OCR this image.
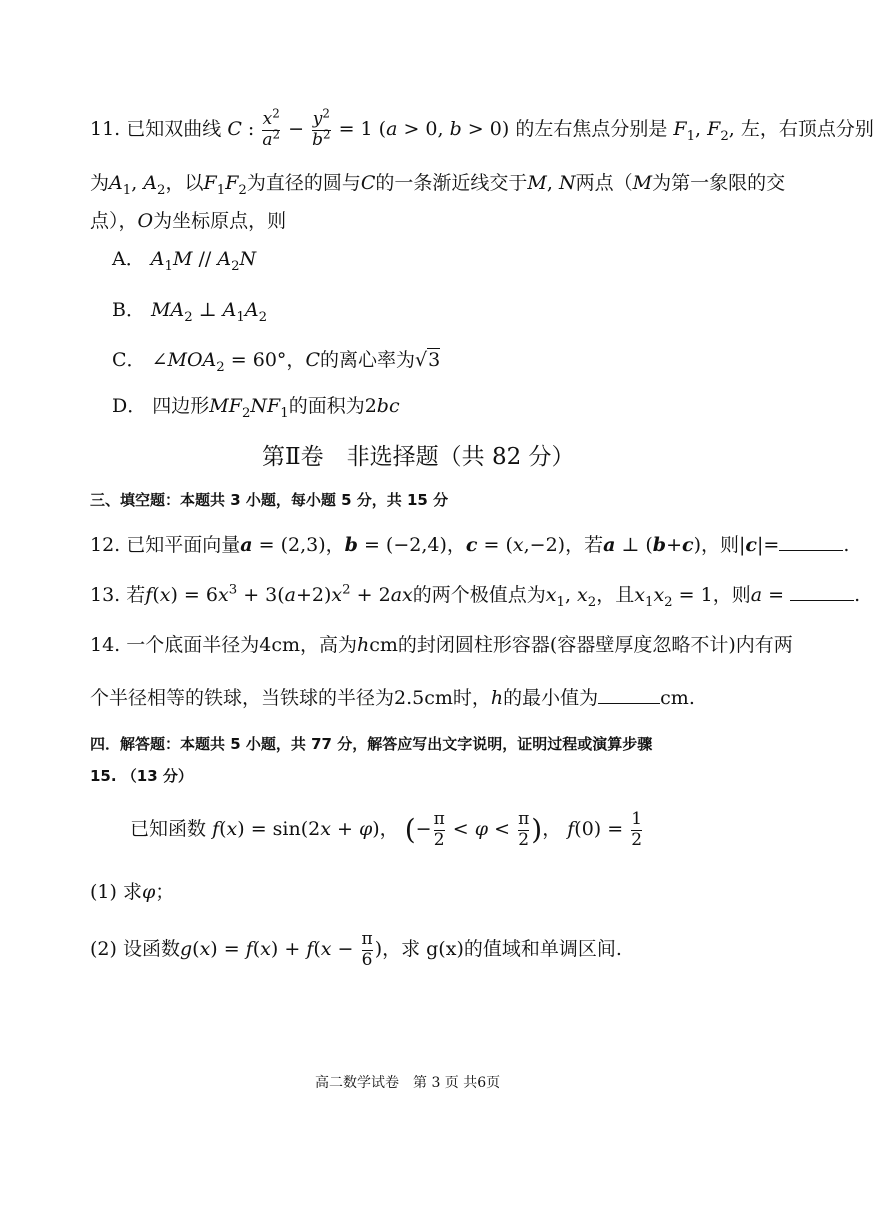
11. 已知双曲线 C : $\frac{x^2}{a^2} - \frac{y^2}{b^2} = 1$ (a > 0, b > 0) 的左右焦点分别是 $F_1$, $F_2$, 左，右顶点分别
为$A_1$, $A_2$，以$F_1F_2$为直径的圆与C的一条渐近线交于M, N两点（M为第一象限的交
点），O为坐标原点，则
A． $A_1M // A_2N$
B． $MA_2$ ⊥ $A_1A_2$
C． $\angle MOA_2 = 60^\circ$，C的离心率为√3
D． 四边形$MF_2NF_1$的面积为2bc
第Ⅱ卷　非选择题（共 82 分）
三、填空题：本题共 3 小题，每小题 5 分，共 15 分
12. 已知平面向量a = (2,3)，b = (−2,4)，c = (x,−2)，若a ⊥ (b+c)，则|c|=	.
13. 若$f(x) = 6x^3 + 3(a+2)x^2 + 2ax$的两个极值点为$x_1$, $x_2$，且$x_1x_2 = 1$，则a =	.
14. 一个底面半径为4cm，高为hcm的封闭圆柱形容器(容器壁厚度忽略不计)内有两
个半径相等的铁球，当铁球的半径为2.5cm时，h的最小值为	cm.
四．解答题：本题共 5 小题，共 77 分，解答应写出文字说明，证明过程或演算步骤
15. （13 分）
已知函数 f(x) = sin(2x + φ)， (− $\frac{\pi}{2} < \varphi < \frac{\pi}{2}$ )， $f(0) = \frac{1}{2}$
(1) 求φ；
(2) 设函数$g(x) = f(x) + f(x - \frac{\pi}{6}$ )，求 g(x)的值域和单调区间.
高二数学试卷　第 3 页 共6页
